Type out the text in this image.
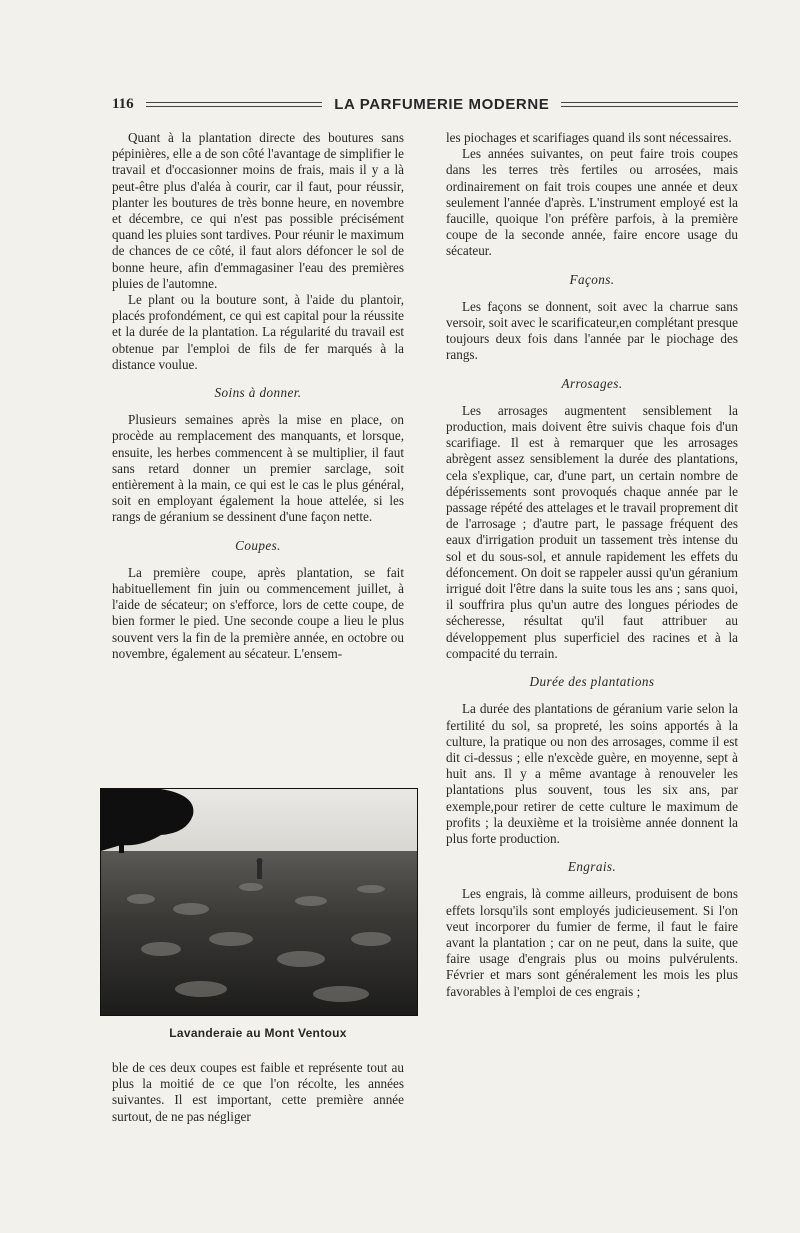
116	LA PARFUMERIE MODERNE

Quant à la plantation directe des boutures sans pépinières, elle a de son côté l'avantage de simplifier le travail et d'occasionner moins de frais, mais il y a là peut-être plus d'aléa à courir, car il faut, pour réussir, planter les boutures de très bonne heure, en novembre et décembre, ce qui n'est pas possible précisément quand les pluies sont tardives. Pour réunir le maximum de chances de ce côté, il faut alors défoncer le sol de bonne heure, afin d'emmagasiner l'eau des premières pluies de l'automne.

Le plant ou la bouture sont, à l'aide du plantoir, placés profondément, ce qui est capital pour la réussite et la durée de la plantation. La régularité du travail est obtenue par l'emploi de fils de fer marqués à la distance voulue.

Soins à donner.

Plusieurs semaines après la mise en place, on procède au remplacement des manquants, et lorsque, ensuite, les herbes commencent à se multiplier, il faut sans retard donner un premier sarclage, soit entièrement à la main, ce qui est le cas le plus général, soit en employant également la houe attelée, si les rangs de géranium se dessinent d'une façon nette.

Coupes.

La première coupe, après plantation, se fait habituellement fin juin ou commencement juillet, à l'aide de sécateur; on s'efforce, lors de cette coupe, de bien former le pied. Une seconde coupe a lieu le plus souvent vers la fin de la première année, en octobre ou novembre, également au sécateur. L'ensem-

Lavanderaie au Mont Ventoux

ble de ces deux coupes est faible et représente tout au plus la moitié de ce que l'on récolte, les années suivantes. Il est important, cette première année surtout, de ne pas négliger

les piochages et scarifiages quand ils sont nécessaires.

Les années suivantes, on peut faire trois coupes dans les terres très fertiles ou arrosées, mais ordinairement on fait trois coupes une année et deux seulement l'année d'après. L'instrument employé est la faucille, quoique l'on préfère parfois, à la première coupe de la seconde année, faire encore usage du sécateur.

Façons.

Les façons se donnent, soit avec la charrue sans versoir, soit avec le scarificateur,en complétant presque toujours deux fois dans l'année par le piochage des rangs.

Arrosages.

Les arrosages augmentent sensiblement la production, mais doivent être suivis chaque fois d'un scarifiage. Il est à remarquer que les arrosages abrègent assez sensiblement la durée des plantations, cela s'explique, car, d'une part, un certain nombre de dépérissements sont provoqués chaque année par le passage répété des attelages et le travail proprement dit de l'arrosage ; d'autre part, le passage fréquent des eaux d'irrigation produit un tassement très intense du sol et du sous-sol, et annule rapidement les effets du défoncement. On doit se rappeler aussi qu'un géranium irrigué doit l'être dans la suite tous les ans ; sans quoi, il souffrira plus qu'un autre des longues périodes de sécheresse, résultat qu'il faut attribuer au développement plus superficiel des racines et à la compacité du terrain.

Durée des plantations

La durée des plantations de géranium varie selon la fertilité du sol, sa propreté, les soins apportés à la culture, la pratique ou non des arrosages, comme il est dit ci-dessus ; elle n'excède guère, en moyenne, sept à huit ans. Il y a même avantage à renouveler les plantations plus souvent, tous les six ans, par exemple,pour retirer de cette culture le maximum de profits ; la deuxième et la troisième année donnent la plus forte production.

Engrais.

Les engrais, là comme ailleurs, produisent de bons effets lorsqu'ils sont employés judicieusement. Si l'on veut incorporer du fumier de ferme, il faut le faire avant la plantation ; car on ne peut, dans la suite, que faire usage d'engrais plus ou moins pulvérulents. Février et mars sont généralement les mois les plus favorables à l'emploi de ces engrais ;
